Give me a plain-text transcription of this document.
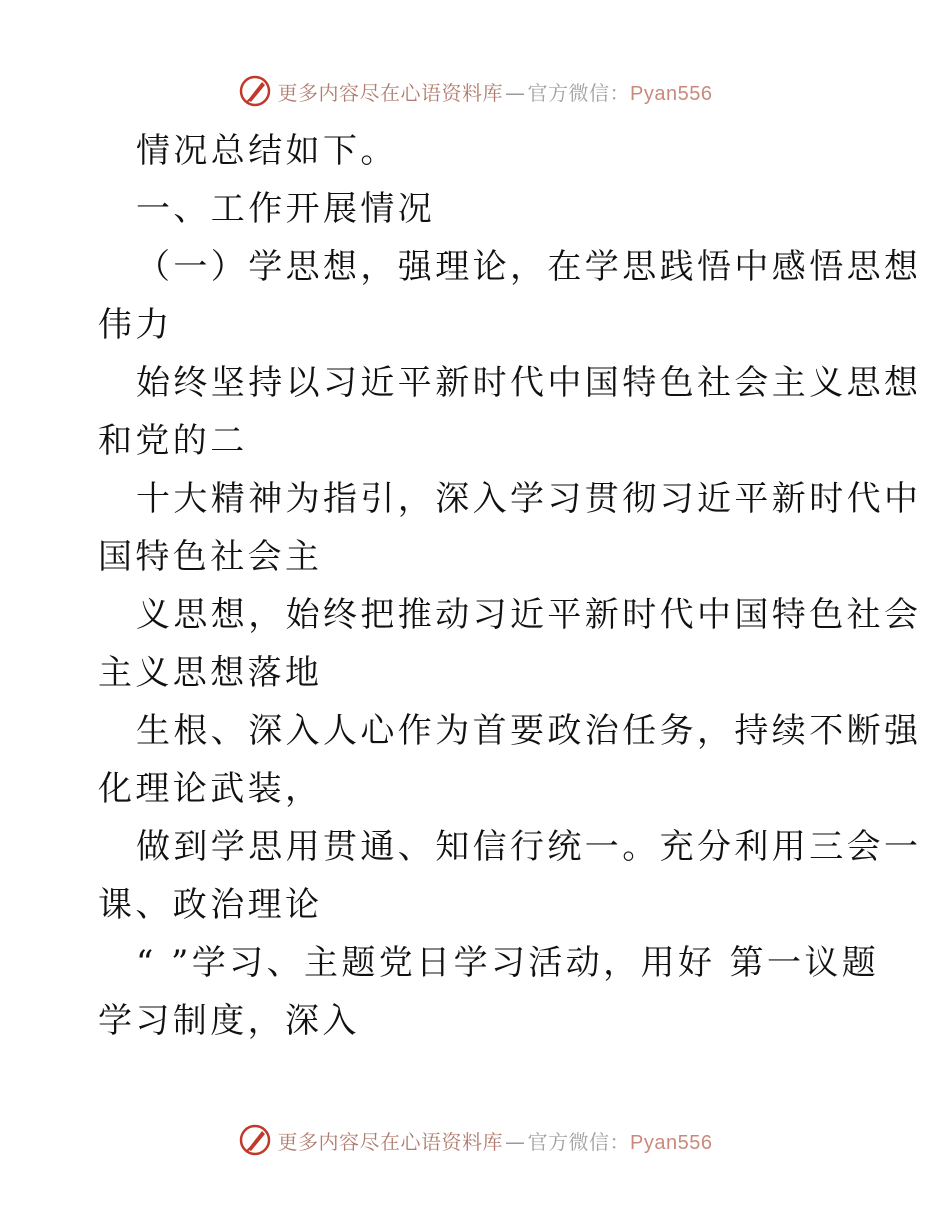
更多内容尽在心语资料库 — 官方微信：Pyan556
情况总结如下。
一、工作开展情况
（一）学思想，强理论，在学思践悟中感悟思想
伟力
始终坚持以习近平新时代中国特色社会主义思想
和党的二
十大精神为指引，深入学习贯彻习近平新时代中
国特色社会主
义思想，始终把推动习近平新时代中国特色社会
主义思想落地
生根、深入人心作为首要政治任务，持续不断强
化理论武装，
做到学思用贯通、知信行统一。充分利用三会一
课、政治理论
“ ”学习、主题党日学习活动，用好 第一议题
学习制度，深入
更多内容尽在心语资料库 — 官方微信：Pyan556
